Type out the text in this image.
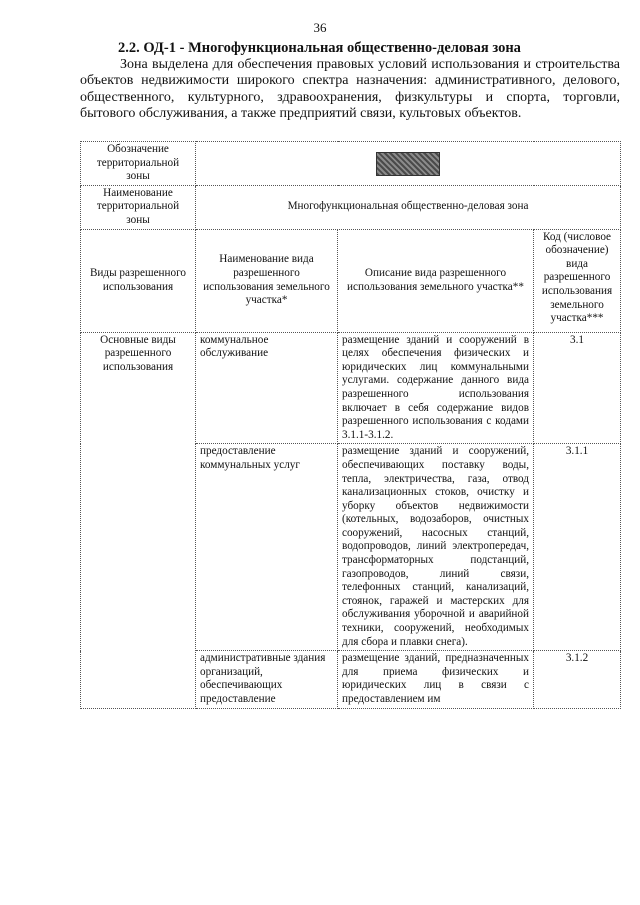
36
2.2. ОД-1 - Многофункциональная общественно-деловая зона

Зона выделена для обеспечения правовых условий использования и строительства объектов недвижимости широкого спектра назначения: административного, делового, общественного, культурного, здравоохранения, физкультуры и спорта, торговли, бытового обслуживания, а также предприятий связи, культовых объектов.

Обозначение территориальной зоны			
Наименование территориальной зоны	Многофункциональная общественно-деловая зона		
Виды разрешенного использования	Наименование вида разрешенного использования земельного участка*	Описание вида разрешенного использования земельного участка**	Код (числовое обозначение) вида разрешенного использования земельного участка***
Основные виды разрешенного использования	коммунальное обслуживание	размещение зданий и сооружений в целях обеспечения физических и юридических лиц коммунальными услугами. содержание данного вида разрешенного использования включает в себя содержание видов разрешенного использования с кодами 3.1.1-3.1.2.	3.1
	предоставление коммунальных услуг	размещение зданий и сооружений, обеспечивающих поставку воды, тепла, электричества, газа, отвод канализационных стоков, очистку и уборку объектов недвижимости (котельных, водозаборов, очистных сооружений, насосных станций, водопроводов, линий электропередач, трансформаторных подстанций, газопроводов, линий связи, телефонных станций, канализаций, стоянок, гаражей и мастерских для обслуживания уборочной и аварийной техники, сооружений, необходимых для сбора и плавки снега).	3.1.1
	административные здания организаций, обеспечивающих предоставление	размещение зданий, предназначенных для приема физических и юридических лиц в связи с предоставлением им	3.1.2
